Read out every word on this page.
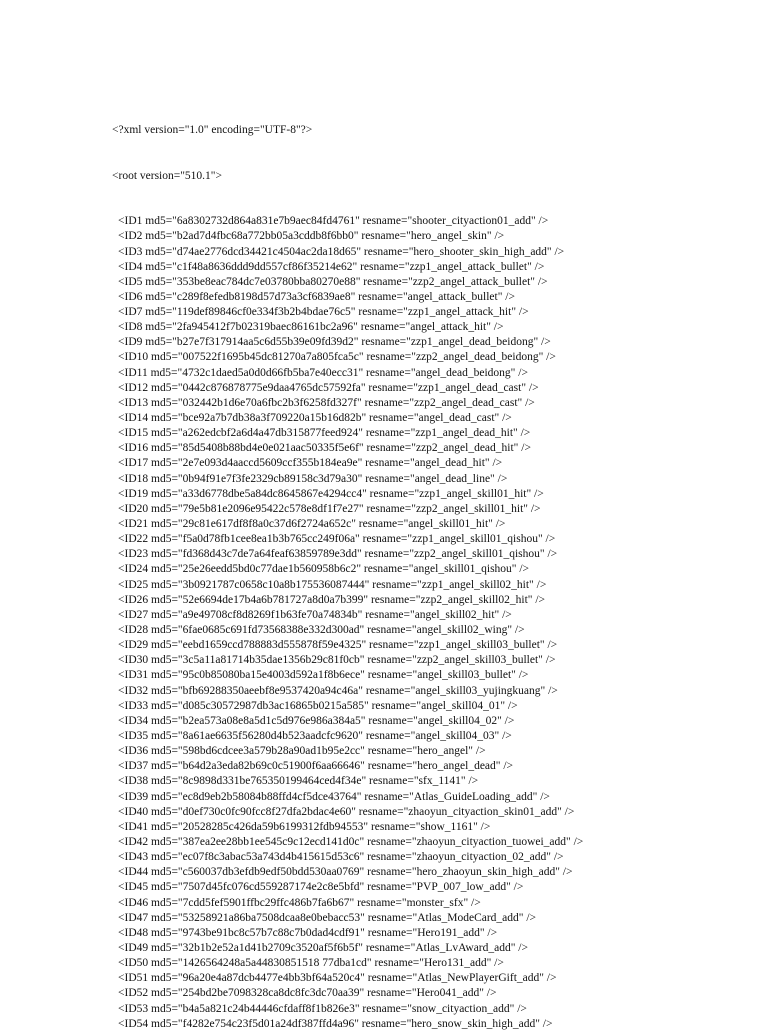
<?xml version="1.0" encoding="UTF-8"?>

<root version="510.1">

<ID1 md5="6a8302732d864a831e7b9aec84fd4761" resname="shooter_cityaction01_add" />
<ID2 md5="b2ad7d4fbc68a772bb05a3cddb8f6bb0" resname="hero_angel_skin" />
<ID3 md5="d74ae2776dcd34421c4504ac2da18d65" resname="hero_shooter_skin_high_add" />
<ID4 md5="c1f48a8636ddd9dd557cf86f35214e62" resname="zzp1_angel_attack_bullet" />
<ID5 md5="353be8eac784dc7e03780bba80270e88" resname="zzp2_angel_attack_bullet" />
<ID6 md5="c289f8efedb8198d57d73a3cf6839ae8" resname="angel_attack_bullet" />
<ID7 md5="119def89846cf0e334f3b2b4bdae76c5" resname="zzp1_angel_attack_hit" />
<ID8 md5="2fa945412f7b02319baec86161bc2a96" resname="angel_attack_hit" />
<ID9 md5="b27e7f317914aa5c6d55b39e09fd39d2" resname="zzp1_angel_dead_beidong" />
<ID10 md5="007522f1695b45dc81270a7a805fca5c" resname="zzp2_angel_dead_beidong" />
<ID11 md5="4732c1daed5a0d0d66fb5ba7e40ecc31" resname="angel_dead_beidong" />
<ID12 md5="0442c876878775e9daa4765dc57592fa" resname="zzp1_angel_dead_cast" />
<ID13 md5="032442b1d6e70a6fbc2b3f6258fd327f" resname="zzp2_angel_dead_cast" />
<ID14 md5="bce92a7b7db38a3f709220a15b16d82b" resname="angel_dead_cast" />
<ID15 md5="a262edcbf2a6d4a47db315877feed924" resname="zzp1_angel_dead_hit" />
<ID16 md5="85d5408b88bd4e0e021aac50335f5e6f" resname="zzp2_angel_dead_hit" />
<ID17 md5="2e7e093d4aaccd5609ccf355b184ea9e" resname="angel_dead_hit" />
<ID18 md5="0b94f91e7f3fe2329cb89158c3d79a30" resname="angel_dead_line" />
<ID19 md5="a33d6778dbe5a84dc8645867e4294cc4" resname="zzp1_angel_skill01_hit" />
<ID20 md5="79e5b81e2096e95422c578e8df1f7e27" resname="zzp2_angel_skill01_hit" />
<ID21 md5="29c81e617df8f8a0c37d6f2724a652c" resname="angel_skill01_hit" />
<ID22 md5="f5a0d78fb1cee8ea1b3b765cc249f06a" resname="zzp1_angel_skill01_qishou" />
<ID23 md5="fd368d43c7de7a64feaf63859789e3dd" resname="zzp2_angel_skill01_qishou" />
<ID24 md5="25e26eedd5bd0c77dae1b560958b6c2" resname="angel_skill01_qishou" />
<ID25 md5="3b0921787c0658c10a8b175536087444" resname="zzp1_angel_skill02_hit" />
<ID26 md5="52e6694de17b4a6b781727a8d0a7b399" resname="zzp2_angel_skill02_hit" />
<ID27 md5="a9e49708cf8d8269f1b63fe70a74834b" resname="angel_skill02_hit" />
<ID28 md5="6fae0685c691fd73568388e332d300ad" resname="angel_skill02_wing" />
<ID29 md5="eebd1659ccd788883d555878f59e4325" resname="zzp1_angel_skill03_bullet" />
<ID30 md5="3c5a11a81714b35dae1356b29c81f0cb" resname="zzp2_angel_skill03_bullet" />
<ID31 md5="95c0b85080ba15e4003d592a1f8b6ece" resname="angel_skill03_bullet" />
<ID32 md5="bfb69288350aeebf8e9537420a94c46a" resname="angel_skill03_yujingkuang" />
<ID33 md5="d085c30572987db3ac16865b0215a585" resname="angel_skill04_01" />
<ID34 md5="b2ea573a08e8a5d1c5d976e986a384a5" resname="angel_skill04_02" />
<ID35 md5="8a61ae6635f56280d4b523aadcfc9620" resname="angel_skill04_03" />
<ID36 md5="598bd6cdcee3a579b28a90ad1b95e2cc" resname="hero_angel" />
<ID37 md5="b64d2a3eda82b69c0c51900f6aa66646" resname="hero_angel_dead" />
<ID38 md5="8c9898d331be765350199464ced4f34e" resname="sfx_1141" />
<ID39 md5="ec8d9eb2b58084b88ffd4cf5dce43764" resname="Atlas_GuideLoading_add" />
<ID40 md5="d0ef730c0fc90fcc8f27dfa2bdac4e60" resname="zhaoyun_cityaction_skin01_add" />
<ID41 md5="20528285c426da59b6199312fdb94553" resname="show_1161" />
<ID42 md5="387ea2ee28bb1ee545c9c12ecd141d0c" resname="zhaoyun_cityaction_tuowei_add" />
<ID43 md5="ec07f8c3abac53a743d4b415615d53c6" resname="zhaoyun_cityaction_02_add" />
<ID44 md5="c560037db3efdb9edf50bdd530aa0769" resname="hero_zhaoyun_skin_high_add" />
<ID45 md5="7507d45fc076cd559287174e2c8e5bfd" resname="PVP_007_low_add" />
<ID46 md5="7cdd5fef5901ffbc29ffc486b7fa6b67" resname="monster_sfx" />
<ID47 md5="53258921a86ba7508dcaa8e0bebacc53" resname="Atlas_ModeCard_add" />
<ID48 md5="9743be91bc8c57b7c88c7b0dad4cdf91" resname="Hero191_add" />
<ID49 md5="32b1b2e52a1d41b2709c3520af5f6b5f" resname="Atlas_LvAward_add" />
<ID50 md5="1426564248a5a44830851518 77dba1cd" resname="Hero131_add" />
<ID51 md5="96a20e4a87dcb4477e4bb3bf64a520c4" resname="Atlas_NewPlayerGift_add" />
<ID52 md5="254bd2be7098328ca8dc8fc3dc70aa39" resname="Hero041_add" />
<ID53 md5="b4a5a821c24b44446cfdaff8f1b826e3" resname="snow_cityaction_add" />
<ID54 md5="f4282e754c23f5d01a24df387ffd4a96" resname="hero_snow_skin_high_add" />
